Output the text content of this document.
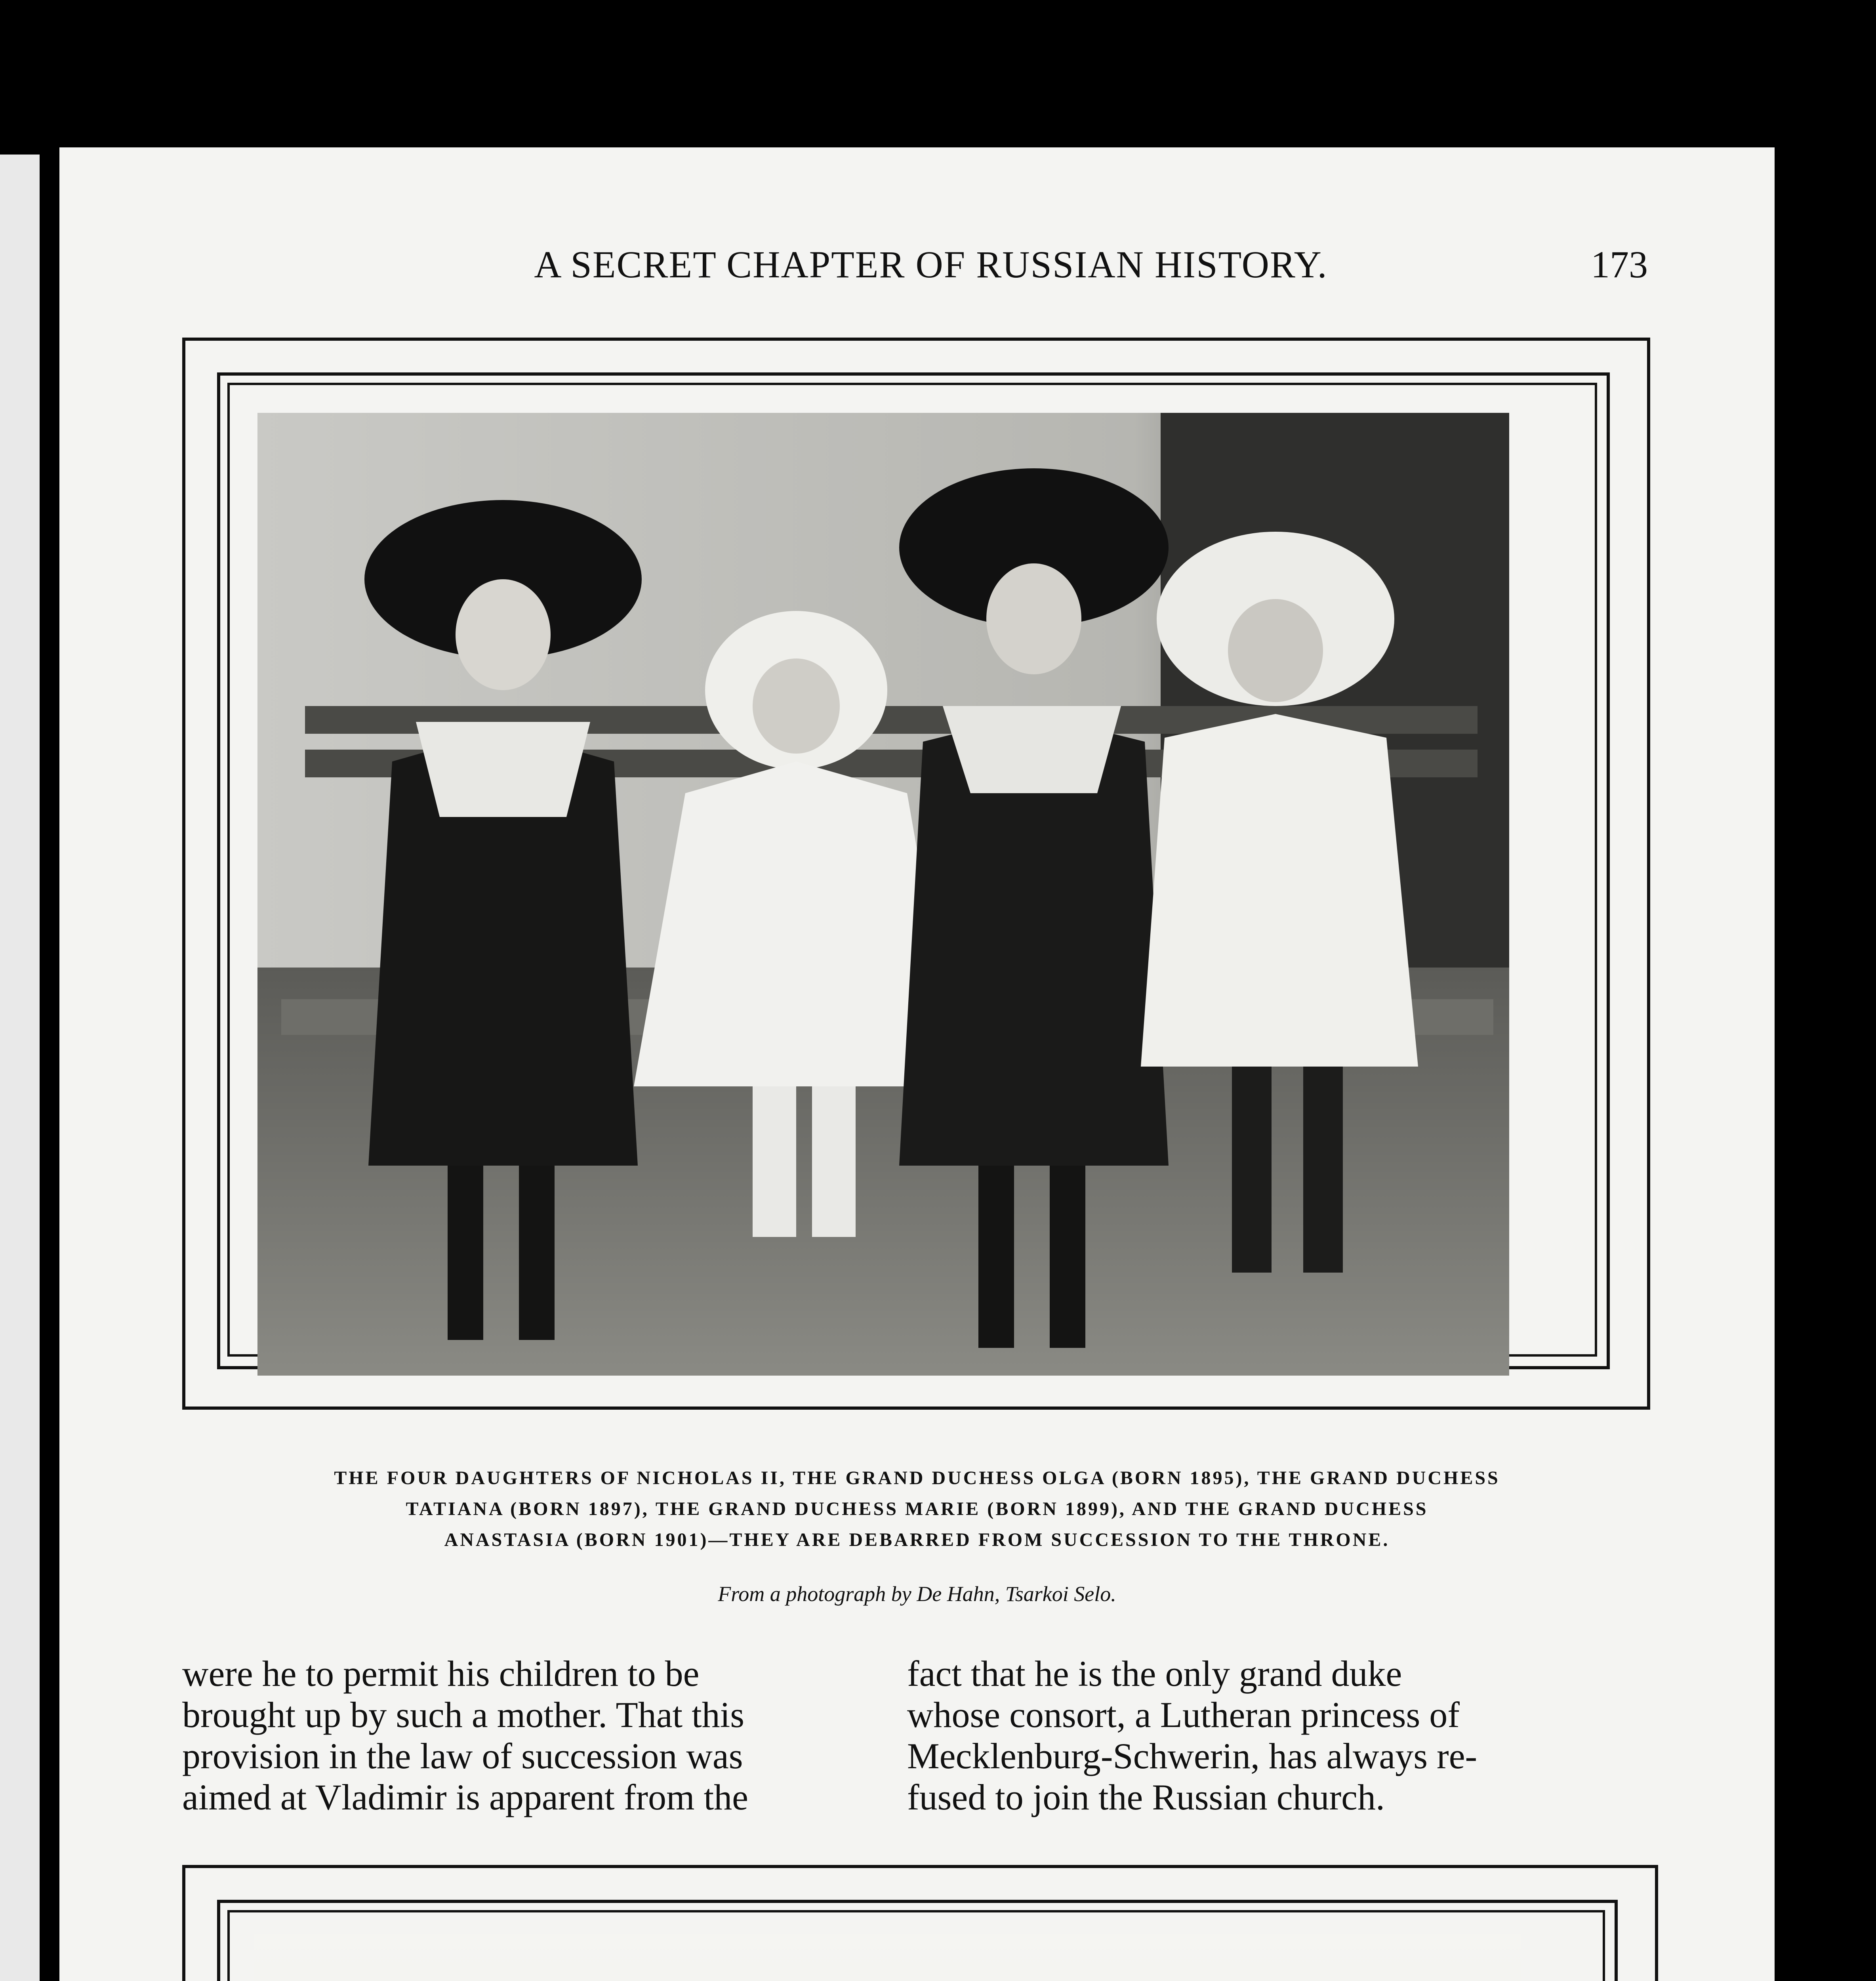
A SECRET CHAPTER OF RUSSIAN HISTORY.	173
THE FOUR DAUGHTERS OF NICHOLAS II, THE GRAND DUCHESS OLGA (BORN 1895), THE GRAND DUCHESS
TATIANA (BORN 1897), THE GRAND DUCHESS MARIE (BORN 1899), AND THE GRAND DUCHESS
ANASTASIA (BORN 1901)—THEY ARE DEBARRED FROM SUCCESSION TO THE THRONE.
From a photograph by De Hahn, Tsarkoi Selo.
were he to permit his children to be
brought up by such a mother. That this
provision in the law of succession was
aimed at Vladimir is apparent from the
fact that he is the only grand duke
whose consort, a Lutheran princess of
Mecklenburg-Schwerin, has always re-
fused to join the Russian church.
